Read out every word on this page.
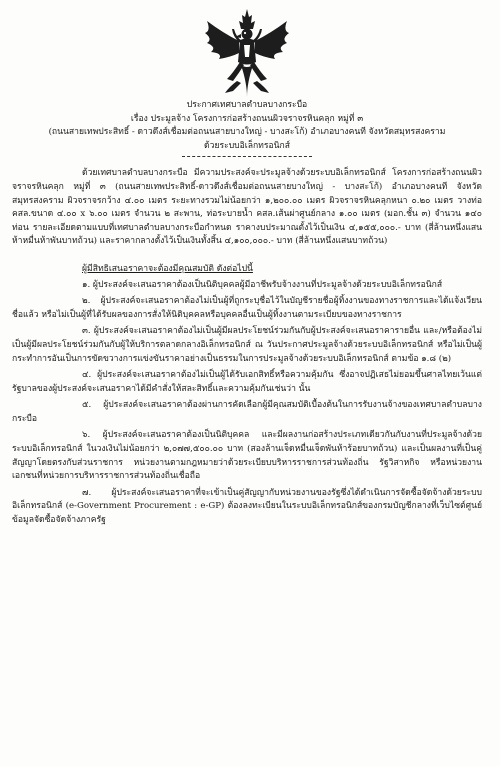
ประกาศเทศบาลตำบลบางกระบือ

เรื่อง ประมูลจ้าง โครงการก่อสร้างถนนผิวจราจรหินคลุก หมู่ที่ ๓

(ถนนสายเทพประสิทธิ์ - ดาวดึงส์เชื่อมต่อถนนสายบางใหญ่ - บางสะโก้) อำเภอบางคนที จังหวัดสมุทรสงคราม

ด้วยระบบอิเล็กทรอนิกส์

ด้วยเทศบาลตำบลบางกระบือ มีความประสงค์จะประมูลจ้างด้วยระบบอิเล็กทรอนิกส์ โครงการก่อสร้างถนนผิวจราจรหินคลุก หมู่ที่ ๓ (ถนนสายเทพประสิทธิ์-ดาวดึงส์เชื่อมต่อถนนสายบางใหญ่ - บางสะโก้) อำเภอบางคนที จังหวัดสมุทรสงคราม ผิวจราจรกว้าง ๔.๐๐ เมตร ระยะทางรวมไม่น้อยกว่า ๑,๒๐๐.๐๐ เมตร ผิวจราจรหินคลุกหนา ๐.๒๐ เมตร วางท่อ คสล.ขนาด ๔.๐๐ x ๖.๐๐ เมตร จำนวน ๒ สะพาน, ท่อระบายน้ำ คสล.เส้นผ่าศูนย์กลาง ๑.๐๐ เมตร (มอก.ชั้น ๓) จำนวน ๑๔๐ ท่อน รายละเอียดตามแบบที่เทศบาลตำบลบางกระบือกำหนด ราคางบประมาณตั้งไว้เป็นเงิน ๔,๑๕๕,๐๐๐.- บาท (สี่ล้านหนึ่งแสนห้าหมื่นห้าพันบาทถ้วน) และราคากลางตั้งไว้เป็นเงินทั้งสิ้น ๔,๑๐๐,๐๐๐.- บาท (สี่ล้านหนึ่งแสนบาทถ้วน)

ผู้มีสิทธิเสนอราคาจะต้องมีคุณสมบัติ ดังต่อไปนี้

๑. ผู้ประสงค์จะเสนอราคาต้องเป็นนิติบุคคลผู้มีอาชีพรับจ้างงานที่ประมูลจ้างด้วยระบบอิเล็กทรอนิกส์

๒. ผู้ประสงค์จะเสนอราคาต้องไม่เป็นผู้ที่ถูกระบุชื่อไว้ในบัญชีรายชื่อผู้ทิ้งงานของทางราชการและได้แจ้งเวียนชื่อแล้ว หรือไม่เป็นผู้ที่ได้รับผลของการสั่งให้นิติบุคคลหรือบุคคลอื่นเป็นผู้ทิ้งงานตามระเบียบของทางราชการ

๓. ผู้ประสงค์จะเสนอราคาต้องไม่เป็นผู้มีผลประโยชน์ร่วมกันกับผู้ประสงค์จะเสนอราคารายอื่น และ/หรือต้องไม่เป็นผู้มีผลประโยชน์ร่วมกันกับผู้ให้บริการตลาดกลางอิเล็กทรอนิกส์ ณ วันประกาศประมูลจ้างด้วยระบบอิเล็กทรอนิกส์ หรือไม่เป็นผู้กระทำการอันเป็นการขัดขวางการแข่งขันราคาอย่างเป็นธรรมในการประมูลจ้างด้วยระบบอิเล็กทรอนิกส์ ตามข้อ ๑.๘ (๒)

๔. ผู้ประสงค์จะเสนอราคาต้องไม่เป็นผู้ได้รับเอกสิทธิ์หรือความคุ้มกัน ซึ่งอาจปฏิเสธไม่ยอมขึ้นศาลไทยเว้นแต่รัฐบาลของผู้ประสงค์จะเสนอราคาได้มีคำสั่งให้สละสิทธิ์และความคุ้มกันเช่นว่า นั้น

๕. ผู้ประสงค์จะเสนอราคาต้องผ่านการคัดเลือกผู้มีคุณสมบัติเบื้องต้นในการรับงานจ้างของเทศบาลตำบลบางกระบือ

๖. ผู้ประสงค์จะเสนอราคาต้องเป็นนิติบุคคล และมีผลงานก่อสร้างประเภทเดียวกันกับงานที่ประมูลจ้างด้วยระบบอิเล็กทรอนิกส์ ในวงเงินไม่น้อยกว่า ๒,๐๗๗,๕๐๐.๐๐ บาท (สองล้านเจ็ดหมื่นเจ็ดพันห้าร้อยบาทถ้วน) และเป็นผลงานที่เป็นคู่สัญญาโดยตรงกับส่วนราชการ หน่วยงานตามกฎหมายว่าด้วยระเบียบบริหารราชการส่วนท้องถิ่น รัฐวิสาหกิจ หรือหน่วยงานเอกชนที่หน่วยการบริหารราชการส่วนท้องถิ่นเชื่อถือ

๗. ผู้ประสงค์จะเสนอราคาที่จะเข้าเป็นคู่สัญญากับหน่วยงานของรัฐซึ่งได้ดำเนินการจัดซื้อจัดจ้างด้วยระบบอิเล็กทรอนิกส์ (e-Government Procurement : e-GP) ต้องลงทะเบียนในระบบอิเล็กทรอนิกส์ของกรมบัญชีกลางที่เว็บไซต์ศูนย์ข้อมูลจัดซื้อจัดจ้างภาครัฐ
